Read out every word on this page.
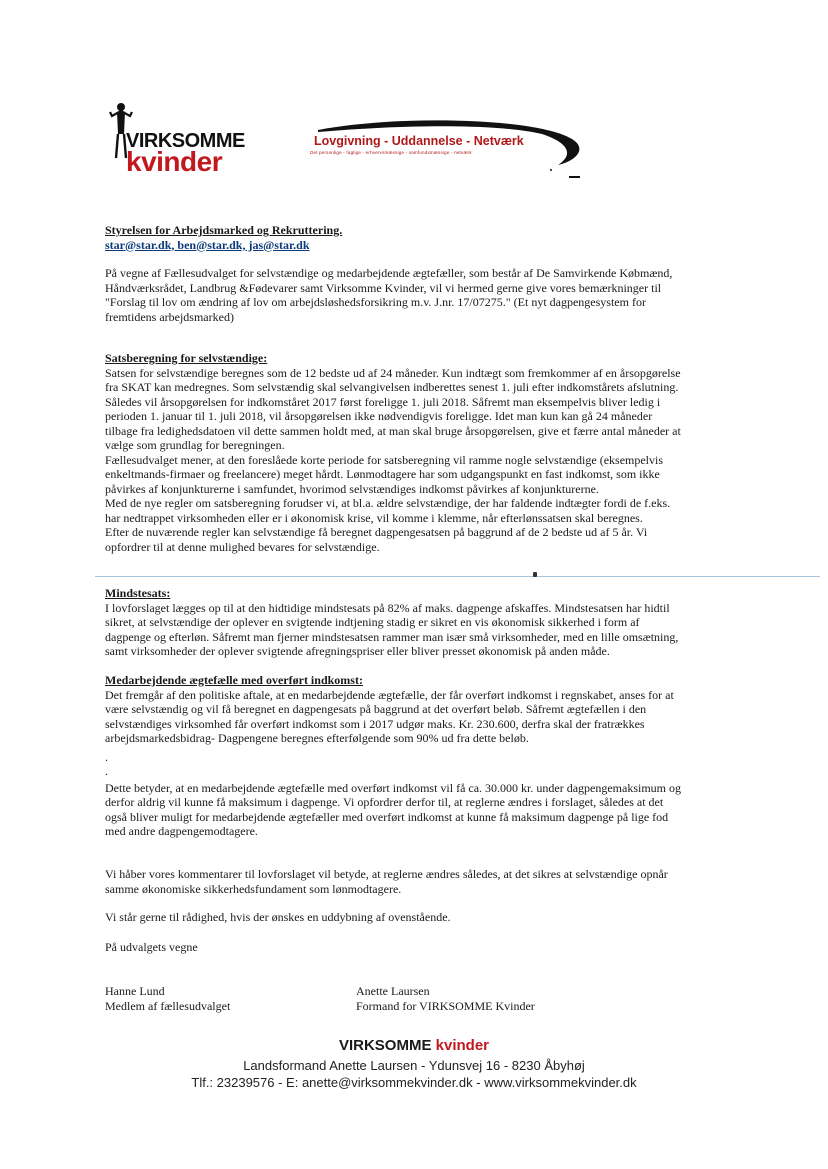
VIRKSOMME
kvinder
Lovgivning - Uddannelse - Netværk
Det personlige - faglige - erhvervsmæssige - samfundsmæssige - netværk

Styrelsen for Arbejdsmarked og Rekruttering.

star@star.dk, ben@star.dk, jas@star.dk

På vegne af Fællesudvalget for selvstændige og medarbejdende ægtefæller, som består af De Samvirkende Købmænd,

Håndværksrådet, Landbrug &Fødevarer samt Virksomme Kvinder, vil vi hermed gerne give vores bemærkninger til

"Forslag til lov om ændring af lov om arbejdsløshedsforsikring m.v. J.nr. 17/07275." (Et nyt dagpengesystem for

fremtidens arbejdsmarked)

Satsberegning for selvstændige:

Satsen for selvstændige beregnes som de 12 bedste ud af 24 måneder. Kun indtægt som fremkommer af en årsopgørelse

fra SKAT kan medregnes. Som selvstændig skal selvangivelsen indberettes senest 1. juli efter indkomstårets afslutning.

Således vil årsopgørelsen for indkomståret 2017 først foreligge 1. juli 2018. Såfremt man eksempelvis bliver ledig i

perioden 1. januar til 1. juli 2018, vil årsopgørelsen ikke nødvendigvis foreligge. Idet man kun kan gå 24 måneder

tilbage fra ledighedsdatoen vil dette sammen holdt med, at man skal bruge årsopgørelsen, give et færre antal måneder at

vælge som grundlag for beregningen.

Fællesudvalget mener, at den foreslåede korte periode for satsberegning vil ramme nogle selvstændige (eksempelvis

enkeltmands-firmaer og freelancere) meget hårdt. Lønmodtagere har som udgangspunkt en fast indkomst, som ikke

påvirkes af konjunkturerne i samfundet, hvorimod selvstændiges indkomst påvirkes af konjunkturerne.

Med de nye regler om satsberegning forudser vi, at bl.a. ældre selvstændige, der har faldende indtægter fordi de f.eks.

har nedtrappet virksomheden eller er i økonomisk krise, vil komme i klemme, når efterlønssatsen skal beregnes.

Efter de nuværende regler kan selvstændige få beregnet dagpengesatsen på baggrund af de 2 bedste ud af 5 år. Vi

opfordrer til at denne mulighed bevares for selvstændige.

Mindstesats:

I lovforslaget lægges op til at den hidtidige mindstesats på 82% af maks. dagpenge afskaffes. Mindstesatsen har hidtil

sikret, at selvstændige der oplever en svigtende indtjening stadig er sikret en vis økonomisk sikkerhed i form af

dagpenge og efterløn. Såfremt man fjerner mindstesatsen rammer man især små virksomheder, med en lille omsætning,

samt virksomheder der oplever svigtende afregningspriser eller bliver presset økonomisk på anden måde.

Medarbejdende ægtefælle med overført indkomst:

Det fremgår af den politiske aftale, at en medarbejdende ægtefælle, der får overført indkomst i regnskabet, anses for at

være selvstændig og vil få beregnet en dagpengesats på baggrund at det overført beløb. Såfremt ægtefællen i den

selvstændiges virksomhed får overført indkomst som i 2017 udgør maks. Kr. 230.600, derfra skal der fratrækkes

arbejdsmarkedsbidrag- Dagpengene beregnes efterfølgende som 90% ud fra dette beløb.

.

.

Dette betyder, at en medarbejdende ægtefælle med overført indkomst vil få ca. 30.000 kr. under dagpengemaksimum og

derfor aldrig vil kunne få maksimum i dagpenge. Vi opfordrer derfor til, at reglerne ændres i forslaget, således at det

også bliver muligt for medarbejdende ægtefæller med overført indkomst at kunne få maksimum dagpenge på lige fod

med andre dagpengemodtagere.

Vi håber vores kommentarer til lovforslaget vil betyde, at reglerne ændres således, at det sikres at selvstændige opnår

samme økonomiske sikkerhedsfundament som lønmodtagere.

Vi står gerne til rådighed, hvis der ønskes en uddybning af ovenstående.

På udvalgets vegne

Hanne Lund
Medlem af fællesudvalget
Anette Laursen
Formand for VIRKSOMME Kvinder
VIRKSOMME kvinder
Landsformand Anette Laursen - Ydunsvej 16 - 8230 Åbyhøj
Tlf.: 23239576 - E: anette@virksommekvinder.dk - www.virksommekvinder.dk
